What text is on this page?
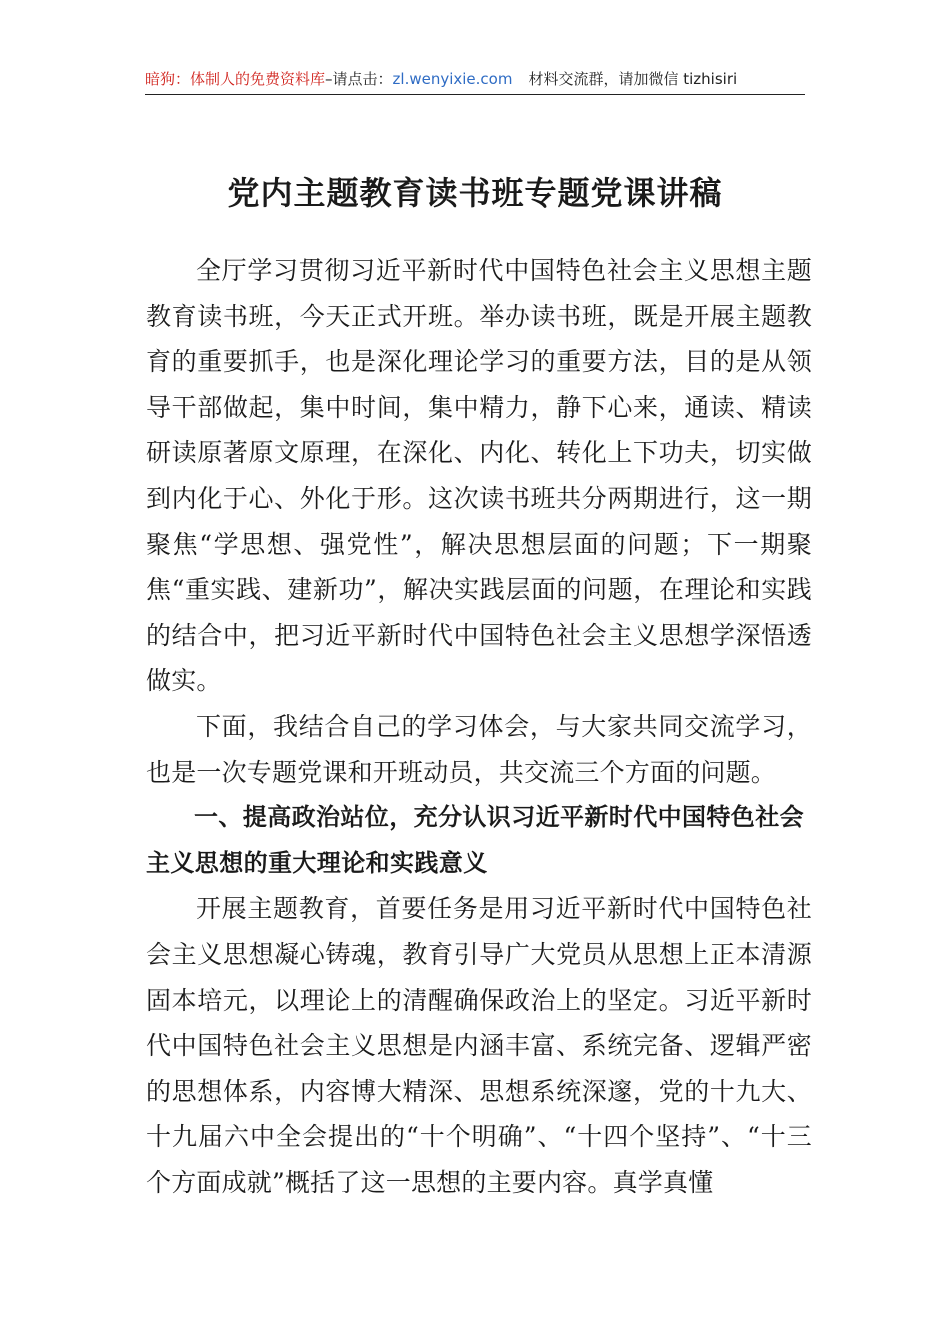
暗狗：体制人的免费资料库–请点击：zl.wenyixie.com 材料交流群，请加微信 tizhisiri
党内主题教育读书班专题党课讲稿

全厅学习贯彻习近平新时代中国特色社会主义思想主题教育读书班，今天正式开班。举办读书班，既是开展主题教育的重要抓手，也是深化理论学习的重要方法，目的是从领导干部做起，集中时间，集中精力，静下心来，通读、精读研读原著原文原理，在深化、内化、转化上下功夫，切实做到内化于心、外化于形。这次读书班共分两期进行，这一期聚焦“学思想、强党性”，解决思想层面的问题；下一期聚焦“重实践、建新功”，解决实践层面的问题，在理论和实践的结合中，把习近平新时代中国特色社会主义思想学深悟透做实。

下面，我结合自己的学习体会，与大家共同交流学习，也是一次专题党课和开班动员，共交流三个方面的问题。

一、提高政治站位，充分认识习近平新时代中国特色社会主义思想的重大理论和实践意义

开展主题教育，首要任务是用习近平新时代中国特色社会主义思想凝心铸魂，教育引导广大党员从思想上正本清源固本培元，以理论上的清醒确保政治上的坚定。习近平新时代中国特色社会主义思想是内涵丰富、系统完备、逻辑严密的思想体系，内容博大精深、思想系统深邃，党的十九大、十九届六中全会提出的“十个明确”、“十四个坚持”、“十三个方面成就”概括了这一思想的主要内容。真学真懂
